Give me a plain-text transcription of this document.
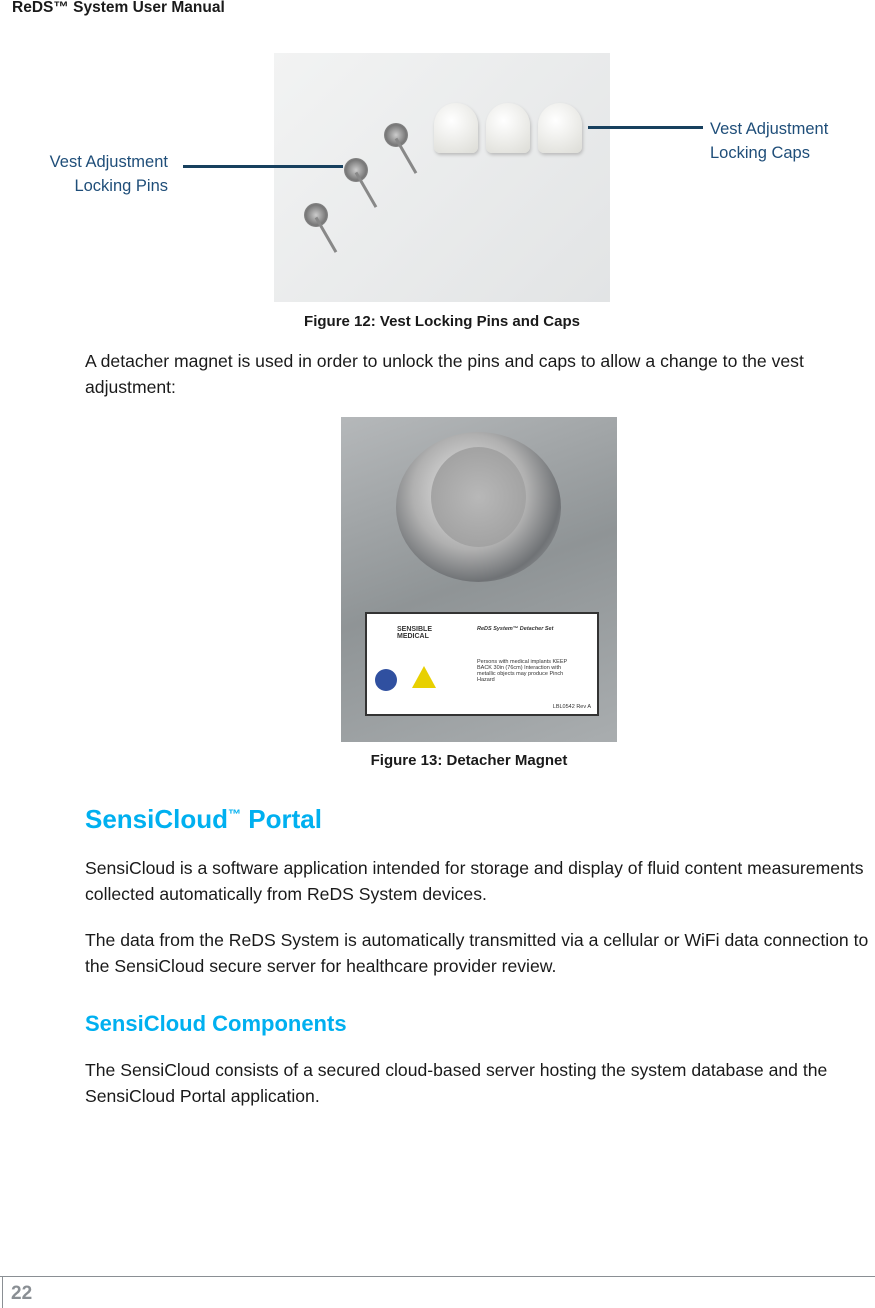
ReDS™ System User Manual
Vest Adjustment
Locking Pins
Vest Adjustment
Locking Caps
Figure 12: Vest Locking Pins and Caps
A detacher magnet is used in order to unlock the pins and caps to allow a change to the vest adjustment:
SENSIBLE MEDICAL
ReDS System™ Detacher Set
Persons with medical implants KEEP BACK 30in (76cm) Interaction with metallic objects may produce Pinch Hazard
LBL0542 Rev A
Figure 13: Detacher Magnet
SensiCloud™ Portal
SensiCloud is a software application intended for storage and display of fluid content measurements collected automatically from ReDS System devices.
The data from the ReDS System is automatically transmitted via a cellular or WiFi data connection to the SensiCloud secure server for healthcare provider review.
SensiCloud Components
The SensiCloud consists of a secured cloud-based server hosting the system database and the SensiCloud Portal application.
22
